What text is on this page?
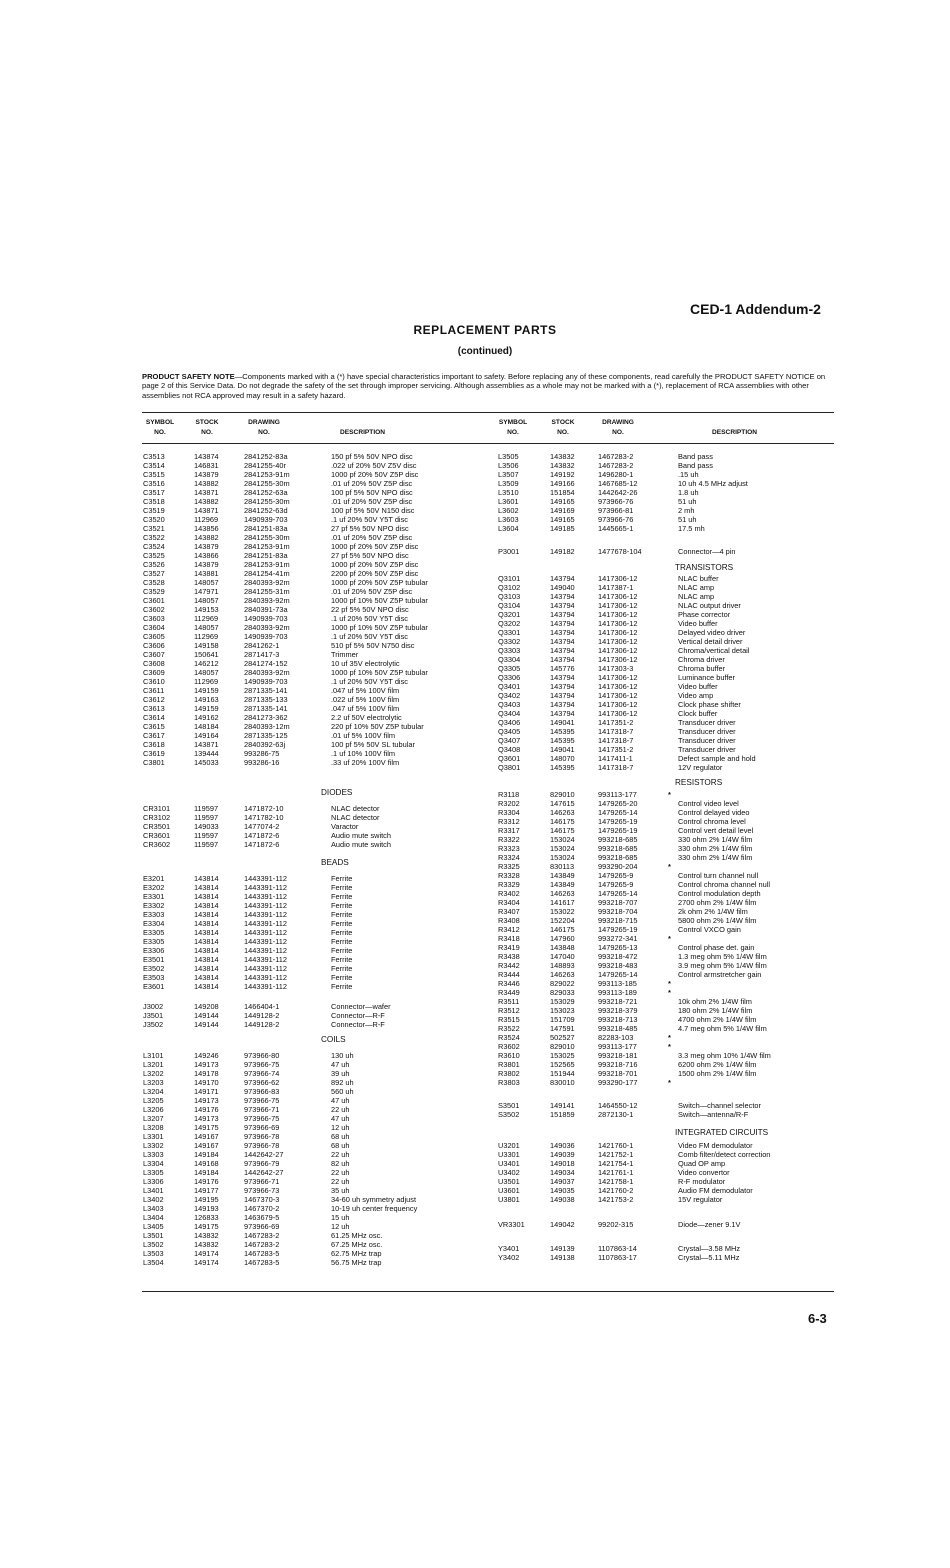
CED-1 Addendum-2
REPLACEMENT PARTS
(continued)
PRODUCT SAFETY NOTE—Components marked with a (*) have special characteristics important to safety. Before replacing any of these components, read carefully the PRODUCT SAFETY NOTICE on page 2 of this Service Data. Do not degrade the safety of the set through improper servicing. Although assemblies as a whole may not be marked with a (*), replacement of RCA assemblies with other assemblies not RCA approved may result in a safety hazard.
SYMBOL
NO.
STOCK
NO.
DRAWING
NO.	DESCRIPTION
SYMBOL
NO.
STOCK
NO.
DRAWING
NO.	DESCRIPTION
C3513	143874	2841252-83a	150 pf 5% 50V NPO disc
C3514	146831	2841255-40r	.022 uf 20% 50V Z5V disc
C3515	143879	2841253-91m	1000 pf 20% 50V Z5P disc
C3516	143882	2841255-30m	.01 uf 20% 50V Z5P disc
C3517	143871	2841252-63a	100 pf 5% 50V NPO disc
C3518	143882	2841255-30m	.01 uf 20% 50V Z5P disc
C3519	143871	2841252-63d	100 pf 5% 50V N150 disc
C3520	112969	1490939-703	.1 uf 20% 50V Y5T disc
C3521	143856	2841251-83a	27 pf 5% 50V NPO disc
C3522	143882	2841255-30m	.01 uf 20% 50V Z5P disc
C3524	143879	2841253-91m	1000 pf 20% 50V Z5P disc
C3525	143866	2841251-83a	27 pf 5% 50V NPO disc
C3526	143879	2841253-91m	1000 pf 20% 50V Z5P disc
C3527	143881	2841254-41m	2200 pf 20% 50V Z5P disc
C3528	148057	2840393-92m	1000 pf 20% 50V Z5P tubular
C3529	147971	2841255-31m	.01 uf 20% 50V Z5P disc
C3601	148057	2840393-92m	1000 pf 10% 50V Z5P tubular
C3602	149153	2840391-73a	22 pf 5% 50V NPO disc
C3603	112969	1490939-703	.1 uf 20% 50V Y5T disc
C3604	148057	2840393-92m	1000 pf 10% 50V Z5P tubular
C3605	112969	1490939-703	.1 uf 20% 50V Y5T disc
C3606	149158	2841262-1	510 pf 5% 50V N750 disc
C3607	150641	2871417-3	Trimmer
C3608	146212	2841274-152	10 uf 35V electrolytic
C3609	148057	2840393-92m	1000 pf 10% 50V Z5P tubular
C3610	112969	1490939-703	.1 uf 20% 50V Y5T disc
C3611	149159	2871335-141	.047 uf 5% 100V film
C3612	149163	2871335-133	.022 uf 5% 100V film
C3613	149159	2871335-141	.047 uf 5% 100V film
C3614	149162	2841273-362	2.2 uf 50V electrolytic
C3615	148184	2840393-12m	220 pf 10% 50V Z5P tubular
C3617	149164	2871335-125	.01 uf 5% 100V film
C3618	143871	2840392-63j	100 pf 5% 50V SL tubular
C3619	139444	993286-75	.1 uf 10% 100V film
C3801	145033	993286-16	.33 uf 20% 100V film
CR3101	119597	1471872-10	NLAC detector
CR3102	119597	1471782-10	NLAC detector
CR3501	149033	1477074-2	Varactor
CR3601	119597	1471872-6	Audio mute switch
CR3602	119597	1471872-6	Audio mute switch
E3201	143814	1443391-112	Ferrite
E3202	143814	1443391-112	Ferrite
E3301	143814	1443391-112	Ferrite
E3302	143814	1443391-112	Ferrite
E3303	143814	1443391-112	Ferrite
E3304	143814	1443391-112	Ferrite
E3305	143814	1443391-112	Ferrite
E3305	143814	1443391-112	Ferrite
E3306	143814	1443391-112	Ferrite
E3501	143814	1443391-112	Ferrite
E3502	143814	1443391-112	Ferrite
E3503	143814	1443391-112	Ferrite
E3601	143814	1443391-112	Ferrite
J3002	149208	1466404-1	Connector—wafer
J3501	149144	1449128-2	Connector—R-F
J3502	149144	1449128-2	Connector—R-F
L3101	149246	973966-80	130 uh
L3201	149173	973966-75	47 uh
L3202	149178	973966-74	39 uh
L3203	149170	973966-62	892 uh
L3204	149171	973966-83	560 uh
L3205	149173	973966-75	47 uh
L3206	149176	973966-71	22 uh
L3207	149173	973966-75	47 uh
L3208	149175	973966-69	12 uh
L3301	149167	973966-78	68 uh
L3302	149167	973966-78	68 uh
L3303	149184	1442642-27	22 uh
L3304	149168	973966-79	82 uh
L3305	149184	1442642-27	22 uh
L3306	149176	973966-71	22 uh
L3401	149177	973966-73	35 uh
L3402	149195	1467370-3	34-60 uh symmetry adjust
L3403	149193	1467370-2	10-19 uh center frequency
L3404	126833	1463679-5	15 uh
L3405	149175	973966-69	12 uh
L3501	143832	1467283-2	61.25 MHz osc.
L3502	143832	1467283-2	67.25 MHz osc.
L3503	149174	1467283-5	62.75 MHz trap
L3504	149174	1467283-5	56.75 MHz trap
DIODES
BEADS
COILS
L3505	143832	1467283-2	Band pass
L3506	143832	1467283-2	Band pass
L3507	149192	1496280-1	.15 uh
L3509	149166	1467685-12	10 uh 4.5 MHz adjust
L3510	151854	1442642-26	1.8 uh
L3601	149165	973966-76	51 uh
L3602	149169	973966-81	2 mh
L3603	149165	973966-76	51 uh
L3604	149185	1445665-1	17.5 mh
P3001	149182	1477678-104	Connector—4 pin
Q3101	143794	1417306-12	NLAC buffer
Q3102	149040	1417387-1	NLAC amp
Q3103	143794	1417306-12	NLAC amp
Q3104	143794	1417306-12	NLAC output driver
Q3201	143794	1417306-12	Phase corrector
Q3202	143794	1417306-12	Video buffer
Q3301	143794	1417306-12	Delayed video driver
Q3302	143794	1417306-12	Vertical detail driver
Q3303	143794	1417306-12	Chroma/vertical detail
Q3304	143794	1417306-12	Chroma driver
Q3305	145776	1417303-3	Chroma buffer
Q3306	143794	1417306-12	Luminance buffer
Q3401	143794	1417306-12	Video buffer
Q3402	143794	1417306-12	Video amp
Q3403	143794	1417306-12	Clock phase shifter
Q3404	143794	1417306-12	Clock buffer
Q3406	149041	1417351-2	Transducer driver
Q3405	145395	1417318-7	Transducer driver
Q3407	145395	1417318-7	Transducer driver
Q3408	149041	1417351-2	Transducer driver
Q3601	148070	1417411-1	Defect sample and hold
Q3801	145395	1417318-7	12V regulator
R3118	829010	993113-177	*
R3202	147615	1479265-20	Control video level
R3304	146263	1479265-14	Control delayed video
R3312	146175	1479265-19	Control chroma level
R3317	146175	1479265-19	Control vert detail level
R3322	153024	993218-685	330 ohm 2% 1/4W film
R3323	153024	993218-685	330 ohm 2% 1/4W film
R3324	153024	993218-685	330 ohm 2% 1/4W film
R3325	830113	993290-204	*
R3328	143849	1479265-9	Control turn channel null
R3329	143849	1479265-9	Control chroma channel null
R3402	146263	1479265-14	Control modulation depth
R3404	141617	993218-707	2700 ohm 2% 1/4W film
R3407	153022	993218-704	2k ohm 2% 1/4W film
R3408	152204	993218-715	5800 ohm 2% 1/4W film
R3412	146175	1479265-19	Control VXCO gain
R3418	147960	993272-341	*
R3419	143848	1479265-13	Control phase det. gain
R3438	147040	993218-472	1.3 meg ohm 5% 1/4W film
R3442	148893	993218-483	3.9 meg ohm 5% 1/4W film
R3444	146263	1479265-14	Control armstretcher gain
R3446	829022	993113-185	*
R3449	829033	993113-189	*
R3511	153029	993218-721	10k ohm 2% 1/4W film
R3512	153023	993218-379	180 ohm 2% 1/4W film
R3515	151709	993218-713	4700 ohm 2% 1/4W film
R3522	147591	993218-485	4.7 meg ohm 5% 1/4W film
R3524	502527	82283-103	*
R3602	829010	993113-177	*
R3610	153025	993218-181	3.3 meg ohm 10% 1/4W film
R3801	152565	993218-716	6200 ohm 2% 1/4W film
R3802	151944	993218-701	1500 ohm 2% 1/4W film
R3803	830010	993290-177	*
S3501	149141	1464550-12	Switch—channel selector
S3502	151859	2872130-1	Switch—antenna/R-F
U3201	149036	1421760-1	Video FM demodulator
U3301	149039	1421752-1	Comb filter/detect correction
U3401	149018	1421754-1	Quad OP amp
U3402	149034	1421761-1	Video convertor
U3501	149037	1421758-1	R-F modulator
U3601	149035	1421760-2	Audio FM demodulator
U3801	149038	1421753-2	15V regulator
VR3301	149042	99202-315	Diode—zener 9.1V
Y3401	149139	1107863-14	Crystal—3.58 MHz
Y3402	149138	1107863-17	Crystal—5.11 MHz
TRANSISTORS
RESISTORS
INTEGRATED CIRCUITS
6-3
